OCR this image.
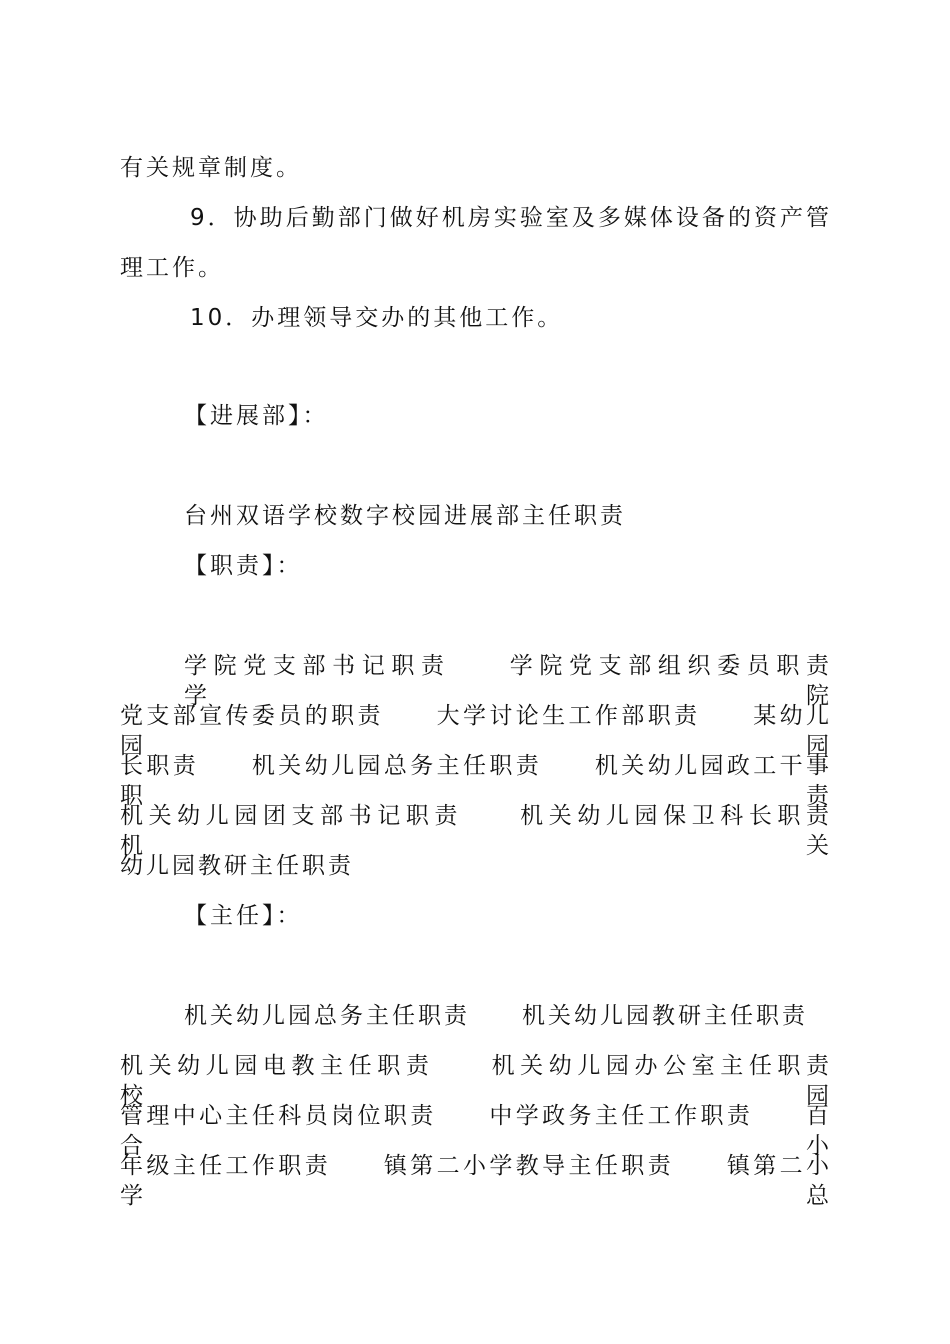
有关规章制度。

9．协助后勤部门做好机房实验室及多媒体设备的资产管

理工作。

10．办理领导交办的其他工作。

【进展部】：

台州双语学校数字校园进展部主任职责

【职责】：

学院党支部书记职责　　学院党支部组织委员职责　　学院

党支部宣传委员的职责　　大学讨论生工作部职责　　某幼儿园园

长职责　　机关幼儿园总务主任职责　　机关幼儿园政工干事职责

机关幼儿园团支部书记职责　　机关幼儿园保卫科长职责　　机关

幼儿园教研主任职责

【主任】：

机关幼儿园总务主任职责　　机关幼儿园教研主任职责

机关幼儿园电教主任职责　　机关幼儿园办公室主任职责　　校园

管理中心主任科员岗位职责　　中学政务主任工作职责　　百合小

年级主任工作职责　　镇第二小学教导主任职责　　镇第二小学总
